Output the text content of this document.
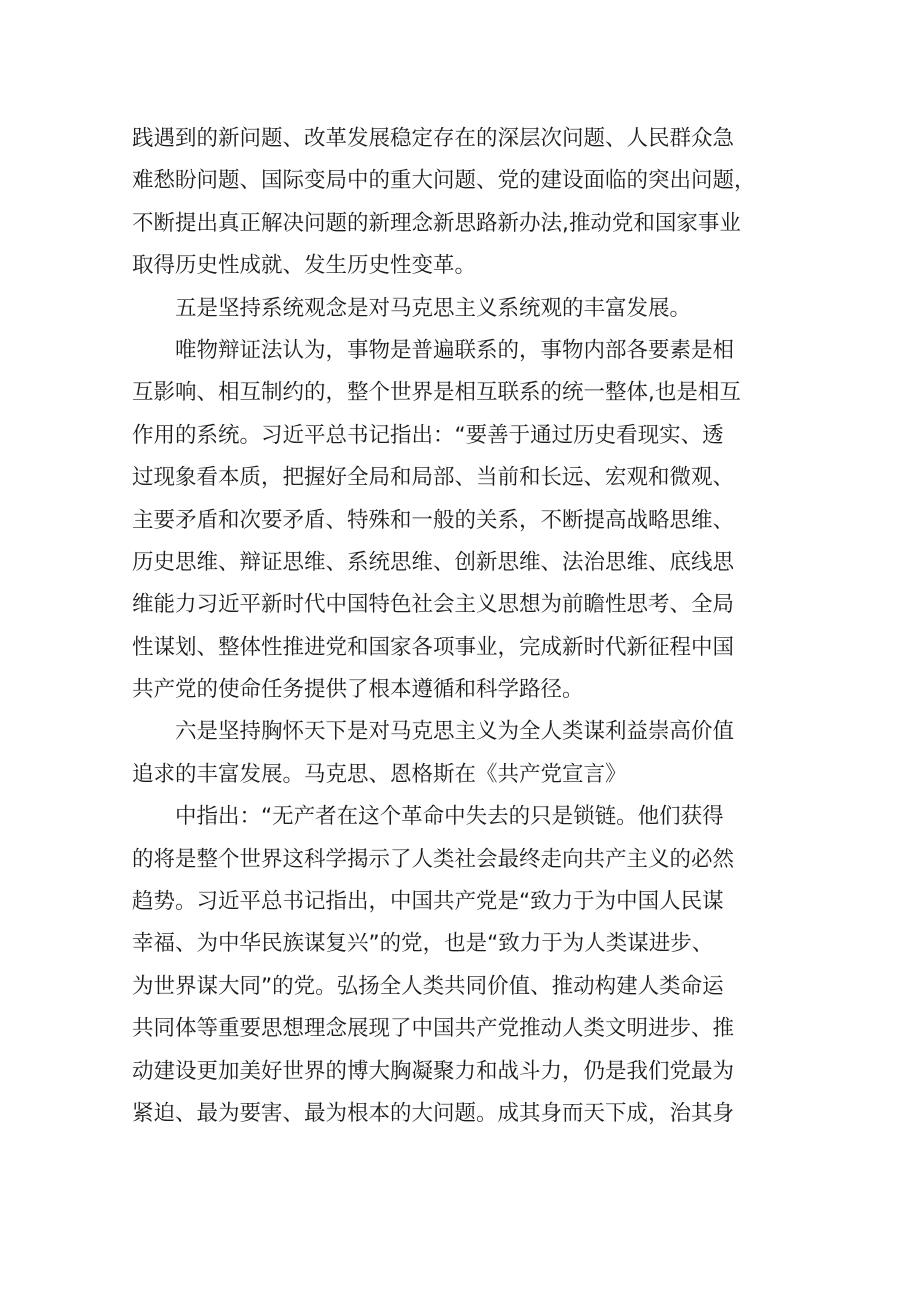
践遇到的新问题、改革发展稳定存在的深层次问题、人民群众急
难愁盼问题、国际变局中的重大问题、党的建设面临的突出问题，
不断提出真正解决问题的新理念新思路新办法,推动党和国家事业
取得历史性成就、发生历史性变革。
五是坚持系统观念是对马克思主义系统观的丰富发展。
唯物辩证法认为，事物是普遍联系的，事物内部各要素是相
互影响、相互制约的，整个世界是相互联系的统一整体,也是相互
作用的系统。习近平总书记指出：“要善于通过历史看现实、透
过现象看本质，把握好全局和局部、当前和长远、宏观和微观、
主要矛盾和次要矛盾、特殊和一般的关系，不断提高战略思维、
历史思维、辩证思维、系统思维、创新思维、法治思维、底线思
维能力习近平新时代中国特色社会主义思想为前瞻性思考、全局
性谋划、整体性推进党和国家各项事业，完成新时代新征程中国
共产党的使命任务提供了根本遵循和科学路径。
六是坚持胸怀天下是对马克思主义为全人类谋利益崇高价值
追求的丰富发展。马克思、恩格斯在《共产党宣言》
中指出：“无产者在这个革命中失去的只是锁链。他们获得
的将是整个世界这科学揭示了人类社会最终走向共产主义的必然
趋势。习近平总书记指出，中国共产党是“致力于为中国人民谋
幸福、为中华民族谋复兴”的党，也是“致力于为人类谋进步、
为世界谋大同”的党。弘扬全人类共同价值、推动构建人类命运
共同体等重要思想理念展现了中国共产党推动人类文明进步、推
动建设更加美好世界的博大胸凝聚力和战斗力，仍是我们党最为
紧迫、最为要害、最为根本的大问题。成其身而天下成，治其身
